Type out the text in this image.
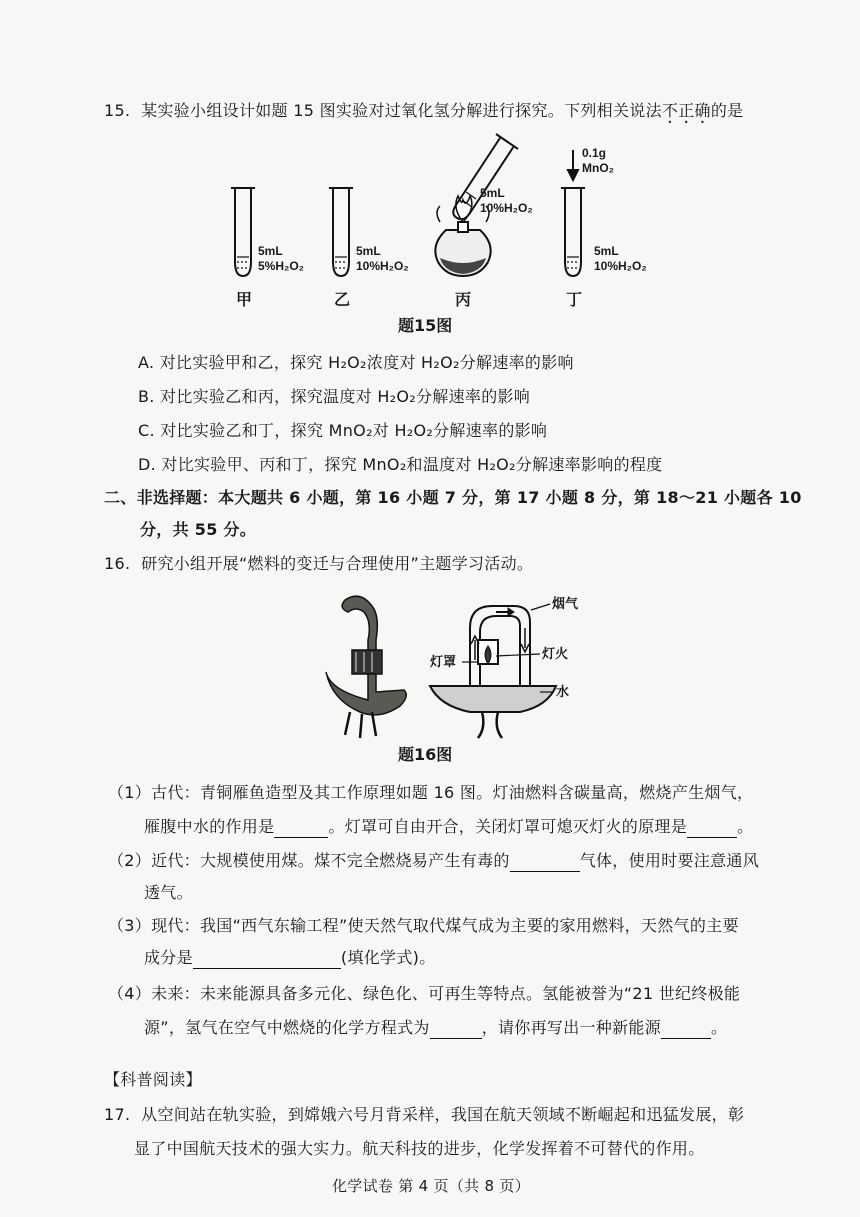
15. 某实验小组设计如题 15 图实验对过氧化氢分解进行探究。下列相关说法不正确的是
5mL
5%H₂O₂
5mL
10%H₂O₂
5mL
10%H₂O₂
5mL
10%H₂O₂
0.1g
MnO₂
甲	乙	丙	丁
题15图
A. 对比实验甲和乙，探究 H₂O₂浓度对 H₂O₂分解速率的影响
B. 对比实验乙和丙，探究温度对 H₂O₂分解速率的影响
C. 对比实验乙和丁，探究 MnO₂对 H₂O₂分解速率的影响
D. 对比实验甲、丙和丁，探究 MnO₂和温度对 H₂O₂分解速率影响的程度
二、非选择题：本大题共 6 小题，第 16 小题 7 分，第 17 小题 8 分，第 18～21 小题各 10
分，共 55 分。
16. 研究小组开展“燃料的变迁与合理使用”主题学习活动。
烟气
灯罩
灯火
水
题16图
（1）古代：青铜雁鱼造型及其工作原理如题 16 图。灯油燃料含碳量高，燃烧产生烟气，
雁腹中水的作用是	。灯罩可自由开合，关闭灯罩可熄灭灯火的原理是	。
（2）近代：大规模使用煤。煤不完全燃烧易产生有毒的	气体，使用时要注意通风
透气。
（3）现代：我国“西气东输工程”使天然气取代煤气成为主要的家用燃料，天然气的主要
成分是	(填化学式)。
（4）未来：未来能源具备多元化、绿色化、可再生等特点。氢能被誉为“21 世纪终极能
源”，氢气在空气中燃烧的化学方程式为	，请你再写出一种新能源	。
【科普阅读】
17. 从空间站在轨实验，到嫦娥六号月背采样，我国在航天领域不断崛起和迅猛发展，彰
显了中国航天技术的强大实力。航天科技的进步，化学发挥着不可替代的作用。
化学试卷 第 4 页（共 8 页）
